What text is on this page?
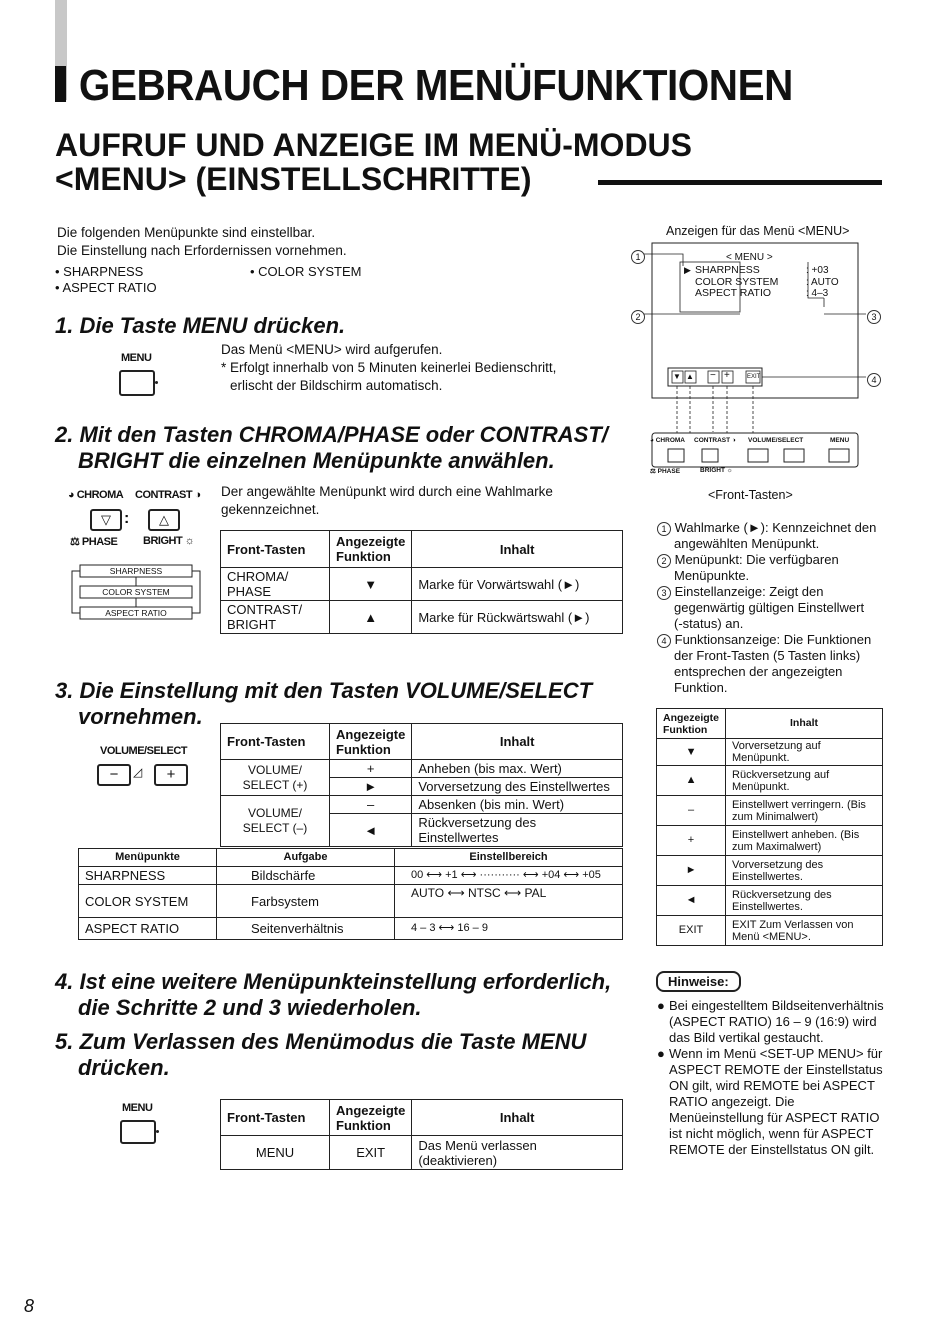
GEBRAUCH DER MENÜFUNKTIONEN
AUFRUF UND ANZEIGE IM MENÜ-MODUS
<MENU> (EINSTELLSCHRITTE)
Die folgenden Menüpunkte sind einstellbar.
Die Einstellung nach Erfordernissen vornehmen.
• SHARPNESS	• COLOR SYSTEM
• ASPECT RATIO
1. Die Taste MENU drücken.
MENU
Das Menü <MENU> wird aufgerufen.
* Erfolgt innerhalb von 5 Minuten keinerlei Bedienschritt,
erlischt der Bildschirm automatisch.
2. Mit den Tasten CHROMA/PHASE oder CONTRAST/
BRIGHT die einzelnen Menüpunkte anwählen.
◕ CHROMA CONTRAST ◑
▽ :	△
⚖ PHASE BRIGHT ☼
SHARPNESS
COLOR SYSTEM
ASPECT RATIO
Der angewählte Menüpunkt wird durch eine Wahlmarke
gekennzeichnet.
Front-Tasten	Angezeigte Funktion	Inhalt
CHROMA/ PHASE	▼	Marke für Vorwärtswahl (►)
CONTRAST/ BRIGHT	▲	Marke für Rückwärtswahl (►)
3. Die Einstellung mit den Tasten VOLUME/SELECT
vornehmen.
VOLUME/SELECT
−	◿	+
Front-Tasten	Angezeigte Funktion	Inhalt
VOLUME/ SELECT (+)	+	Anheben (bis max. Wert)
	►	Vorversetzung des Einstellwertes
VOLUME/ SELECT (–)	–	Absenken (bis min. Wert)
	◄	Rückversetzung des Einstellwertes
Menüpunkte	Aufgabe	Einstellbereich
SHARPNESS	Bildschärfe	00 ⟷ +1 ⟷ ··········· ⟷ +04 ⟷ +05
COLOR SYSTEM	Farbsystem	AUTO ⟷ NTSC ⟷ PAL
ASPECT RATIO	Seitenverhältnis	4 – 3 ⟷ 16 – 9
4. Ist eine weitere Menüpunkteinstellung erforderlich,
die Schritte 2 und 3 wiederholen.
5. Zum Verlassen des Menümodus die Taste MENU
drücken.
MENU
Front-Tasten	Angezeigte Funktion	Inhalt
MENU	EXIT	Das Menü verlassen (deaktivieren)
Anzeigen für das Menü <MENU>
< MENU >
▶ SHARPNESS
COLOR SYSTEM
ASPECT RATIO
: +03
: AUTO
: 4–3
▼ ▲ − +	EXIT
1
2	3
4
◕ CHROMA CONTRAST ◑ VOLUME/SELECT	MENU
⚖ PHASE	BRIGHT ☼
<Front-Tasten>
1 Wahlmarke (►): Kennzeichnet den
angewählten Menüpunkt.
2 Menüpunkt: Die verfügbaren
Menüpunkte.
3 Einstellanzeige: Zeigt den
gegenwärtig gültigen Einstellwert
(-status) an.
4 Funktionsanzeige: Die Funktionen
der Front-Tasten (5 Tasten links)
entsprechen der angezeigten
Funktion.
Angezeigte Funktion	Inhalt
▼	Vorversetzung auf Menüpunkt.
▲	Rückversetzung auf Menüpunkt.
–	Einstellwert verringern. (Bis zum Minimalwert)
+	Einstellwert anheben. (Bis zum Maximalwert)
►	Vorversetzung des Einstellwertes.
◄	Rückversetzung des Einstellwertes.
EXIT	EXIT Zum Verlassen von Menü <MENU>.
Hinweise:
● Bei eingestelltem Bildseitenverhältnis (ASPECT RATIO) 16 – 9 (16:9) wird das Bild vertikal gestaucht.
● Wenn im Menü <SET-UP MENU> für ASPECT REMOTE der Einstellstatus ON gilt, wird REMOTE bei ASPECT RATIO angezeigt. Die Menüeinstellung für ASPECT RATIO ist nicht möglich, wenn für ASPECT REMOTE der Einstellstatus ON gilt.
8
